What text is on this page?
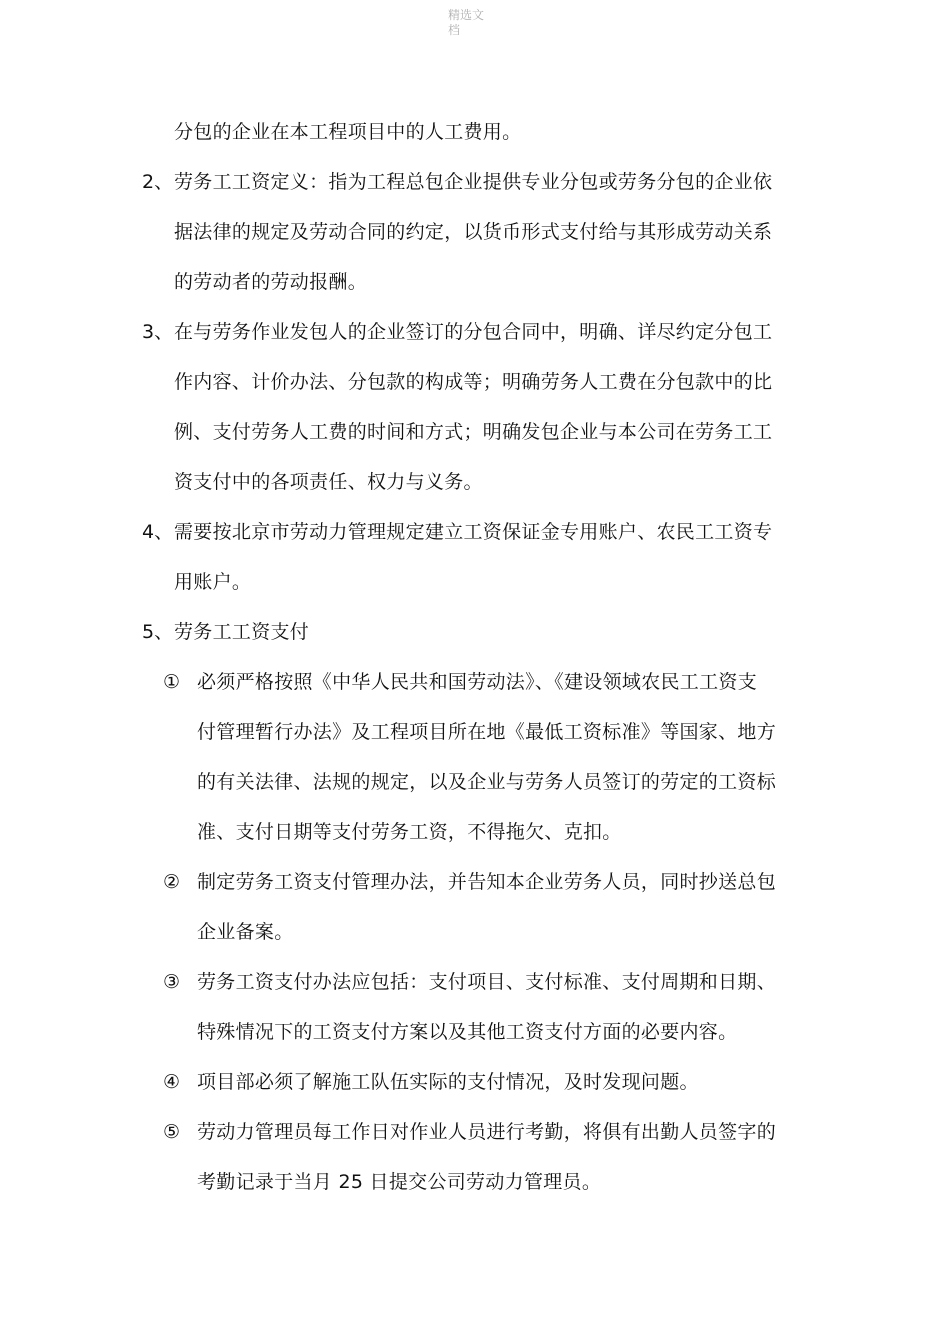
精选文
档
分包的企业在本工程项目中的人工费用。
2、 劳务工工资定义：指为工程总包企业提供专业分包或劳务分包的企业依
据法律的规定及劳动合同的约定，以货币形式支付给与其形成劳动关系
的劳动者的劳动报酬。
3、 在与劳务作业发包人的企业签订的分包合同中，明确、详尽约定分包工
作内容、计价办法、分包款的构成等；明确劳务人工费在分包款中的比
例、支付劳务人工费的时间和方式；明确发包企业与本公司在劳务工工
资支付中的各项责任、权力与义务。
4、 需要按北京市劳动力管理规定建立工资保证金专用账户、农民工工资专
用账户。
5、 劳务工工资支付
① 必须严格按照《中华人民共和国劳动法》、《建设领域农民工工资支
付管理暂行办法》及工程项目所在地《最低工资标准》等国家、地方
的有关法律、法规的规定，以及企业与劳务人员签订的劳定的工资标
准、支付日期等支付劳务工资，不得拖欠、克扣。
② 制定劳务工资支付管理办法，并告知本企业劳务人员，同时抄送总包
企业备案。
③ 劳务工资支付办法应包括：支付项目、支付标准、支付周期和日期、
特殊情况下的工资支付方案以及其他工资支付方面的必要内容。
④ 项目部必须了解施工队伍实际的支付情况，及时发现问题。
⑤ 劳动力管理员每工作日对作业人员进行考勤，将俱有出勤人员签字的
考勤记录于当月 25 日提交公司劳动力管理员。
